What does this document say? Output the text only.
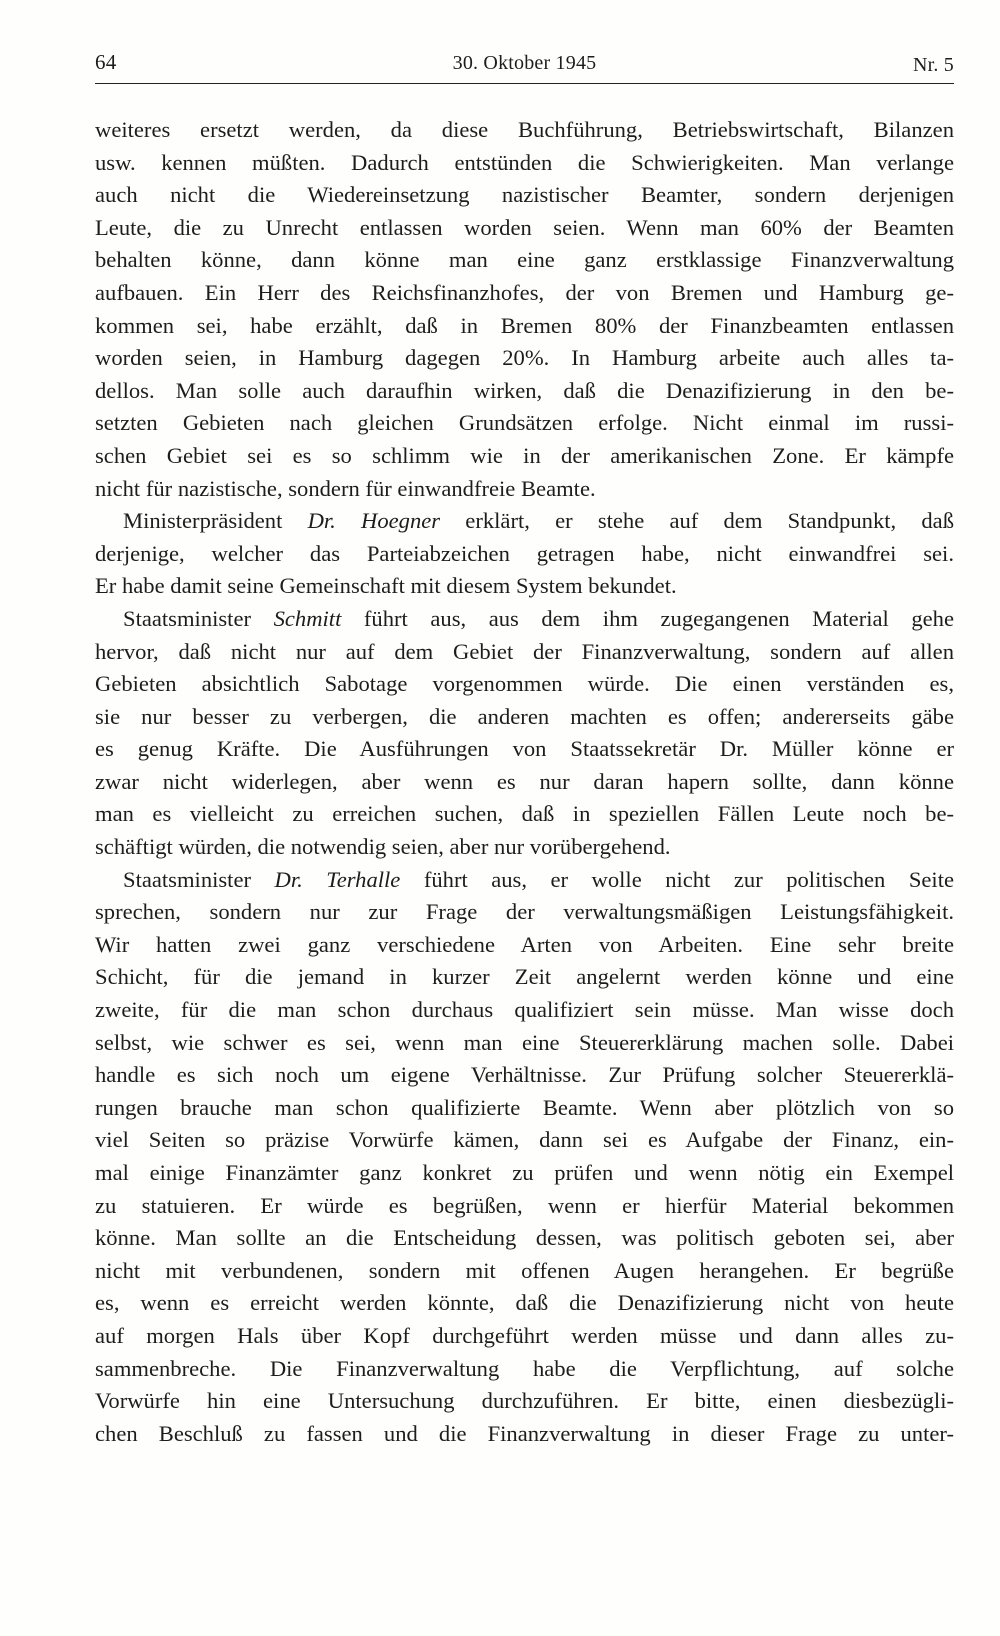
64	30. Oktober 1945	Nr. 5
weiteres ersetzt werden, da diese Buchführung, Betriebswirtschaft, Bilanzen
usw. kennen müßten. Dadurch entstünden die Schwierigkeiten. Man verlange
auch nicht die Wiedereinsetzung nazistischer Beamter, sondern derjenigen
Leute, die zu Unrecht entlassen worden seien. Wenn man 60% der Beamten
behalten könne, dann könne man eine ganz erstklassige Finanzverwaltung
aufbauen. Ein Herr des Reichsfinanzhofes, der von Bremen und Hamburg ge-
kommen sei, habe erzählt, daß in Bremen 80% der Finanzbeamten entlassen
worden seien, in Hamburg dagegen 20%. In Hamburg arbeite auch alles ta-
dellos. Man solle auch daraufhin wirken, daß die Denazifizierung in den be-
setzten Gebieten nach gleichen Grundsätzen erfolge. Nicht einmal im russi-
schen Gebiet sei es so schlimm wie in der amerikanischen Zone. Er kämpfe
nicht für nazistische, sondern für einwandfreie Beamte.
Ministerpräsident Dr. Hoegner erklärt, er stehe auf dem Standpunkt, daß
derjenige, welcher das Parteiabzeichen getragen habe, nicht einwandfrei sei.
Er habe damit seine Gemeinschaft mit diesem System bekundet.
Staatsminister Schmitt führt aus, aus dem ihm zugegangenen Material gehe
hervor, daß nicht nur auf dem Gebiet der Finanzverwaltung, sondern auf allen
Gebieten absichtlich Sabotage vorgenommen würde. Die einen verständen es,
sie nur besser zu verbergen, die anderen machten es offen; andererseits gäbe
es genug Kräfte. Die Ausführungen von Staatssekretär Dr. Müller könne er
zwar nicht widerlegen, aber wenn es nur daran hapern sollte, dann könne
man es vielleicht zu erreichen suchen, daß in speziellen Fällen Leute noch be-
schäftigt würden, die notwendig seien, aber nur vorübergehend.
Staatsminister Dr. Terhalle führt aus, er wolle nicht zur politischen Seite
sprechen, sondern nur zur Frage der verwaltungsmäßigen Leistungsfähigkeit.
Wir hatten zwei ganz verschiedene Arten von Arbeiten. Eine sehr breite
Schicht, für die jemand in kurzer Zeit angelernt werden könne und eine
zweite, für die man schon durchaus qualifiziert sein müsse. Man wisse doch
selbst, wie schwer es sei, wenn man eine Steuererklärung machen solle. Dabei
handle es sich noch um eigene Verhältnisse. Zur Prüfung solcher Steuererklä-
rungen brauche man schon qualifizierte Beamte. Wenn aber plötzlich von so
viel Seiten so präzise Vorwürfe kämen, dann sei es Aufgabe der Finanz, ein-
mal einige Finanzämter ganz konkret zu prüfen und wenn nötig ein Exempel
zu statuieren. Er würde es begrüßen, wenn er hierfür Material bekommen
könne. Man sollte an die Entscheidung dessen, was politisch geboten sei, aber
nicht mit verbundenen, sondern mit offenen Augen herangehen. Er begrüße
es, wenn es erreicht werden könnte, daß die Denazifizierung nicht von heute
auf morgen Hals über Kopf durchgeführt werden müsse und dann alles zu-
sammenbreche. Die Finanzverwaltung habe die Verpflichtung, auf solche
Vorwürfe hin eine Untersuchung durchzuführen. Er bitte, einen diesbezügli-
chen Beschluß zu fassen und die Finanzverwaltung in dieser Frage zu unter-
